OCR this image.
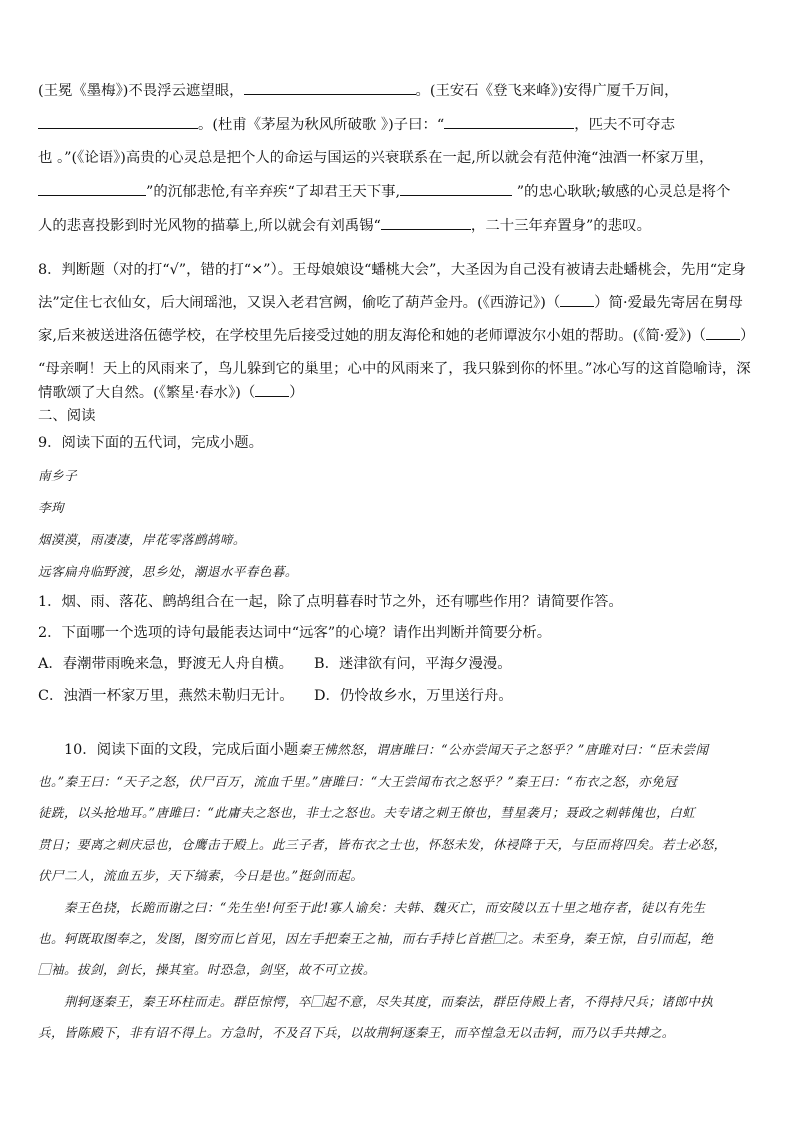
(王冕《墨梅》)不畏浮云遮望眼，	。(王安石《登飞来峰》)安得广厦千万间，
。(杜甫《茅屋为秋风所破歌 》)子曰：“	，匹夫不可夺志
也 。”(《论语》)高贵的心灵总是把个人的命运与国运的兴衰联系在一起,所以就会有范仲淹“浊酒一杯家万里，
”的沉郁悲怆,有辛弃疾“了却君王天下事,	”的忠心耿耿;敏感的心灵总是将个
人的悲喜投影到时光风物的描摹上,所以就会有刘禹锡“	，二十三年弃置身”的悲叹。
8．判断题（对的打“√”，错的打“×”）。王母娘娘设“蟠桃大会”，大圣因为自己没有被请去赴蟠桃会，先用“定身
法”定住七衣仙女，后大闹瑶池，又误入老君宫阙，偷吃了葫芦金丹。(《西游记》)（ ）简·爱最先寄居在舅母
家,后来被送进洛伍德学校，在学校里先后接受过她的朋友海伦和她的老师谭波尔小姐的帮助。(《简·爱》)（ ）
“母亲啊！天上的风雨来了，鸟儿躲到它的巢里；心中的风雨来了，我只躲到你的怀里。”冰心写的这首隐喻诗，深
情歌颂了大自然。(《繁星·春水》)（ ）
二、阅读
9．阅读下面的五代词，完成小题。
南乡子
李珣
烟漠漠，雨凄凄，岸花零落鹧鸪啼。
远客扁舟临野渡，思乡处，潮退水平春色暮。
1．烟、雨、落花、鹧鸪组合在一起，除了点明暮春时节之外，还有哪些作用？请简要作答。
2．下面哪一个选项的诗句最能表达词中“远客”的心境？请作出判断并简要分析。
A．春潮带雨晚来急，野渡无人舟自横。 B．迷津欲有问，平海夕漫漫。
C．浊酒一杯家万里，燕然未勒归无计。 D．仍怜故乡水，万里送行舟。
10．阅读下面的文段，完成后面小题秦王怫然怒，谓唐雎曰：“公亦尝闻天子之怒乎？”唐雎对曰：“臣未尝闻
也。”秦王曰：“天子之怒，伏尸百万，流血千里。”唐雎曰：“大王尝闻布衣之怒乎？”秦王曰：“布衣之怒，亦免冠
徒跣，以头抢地耳。”唐雎曰：“此庸夫之怒也，非士之怒也。夫专诸之刺王僚也，彗星袭月；聂政之刺韩傀也，白虹
贯日；要离之刺庆忌也，仓鹰击于殿上。此三子者，皆布衣之士也，怀怒未发，休祲降于天，与臣而将四矣。若士必怒，
伏尸二人，流血五步，天下缟素，今日是也。”挺剑而起。
秦王色挠，长跪而谢之曰：“先生坐!何至于此!寡人谕矣：夫韩、魏灭亡，而安陵以五十里之地存者，徒以有先生
也。轲既取图奉之，发图，图穷而匕首见，因左手把秦王之袖，而右手持匕首揕⃞之。未至身，秦王惊，自引而起，绝
⃞袖。拔剑，剑长，操其室。时恐急，剑坚，故不可立拔。
荆轲逐秦王，秦王环柱而走。群臣惊愕，卒⃞起不意，尽失其度，而秦法，群臣侍殿上者，不得持尺兵；诸郎中执
兵，皆陈殿下，非有诏不得上。方急时，不及召下兵，以故荆轲逐秦王，而卒惶急无以击轲，而乃以手共搏之。
